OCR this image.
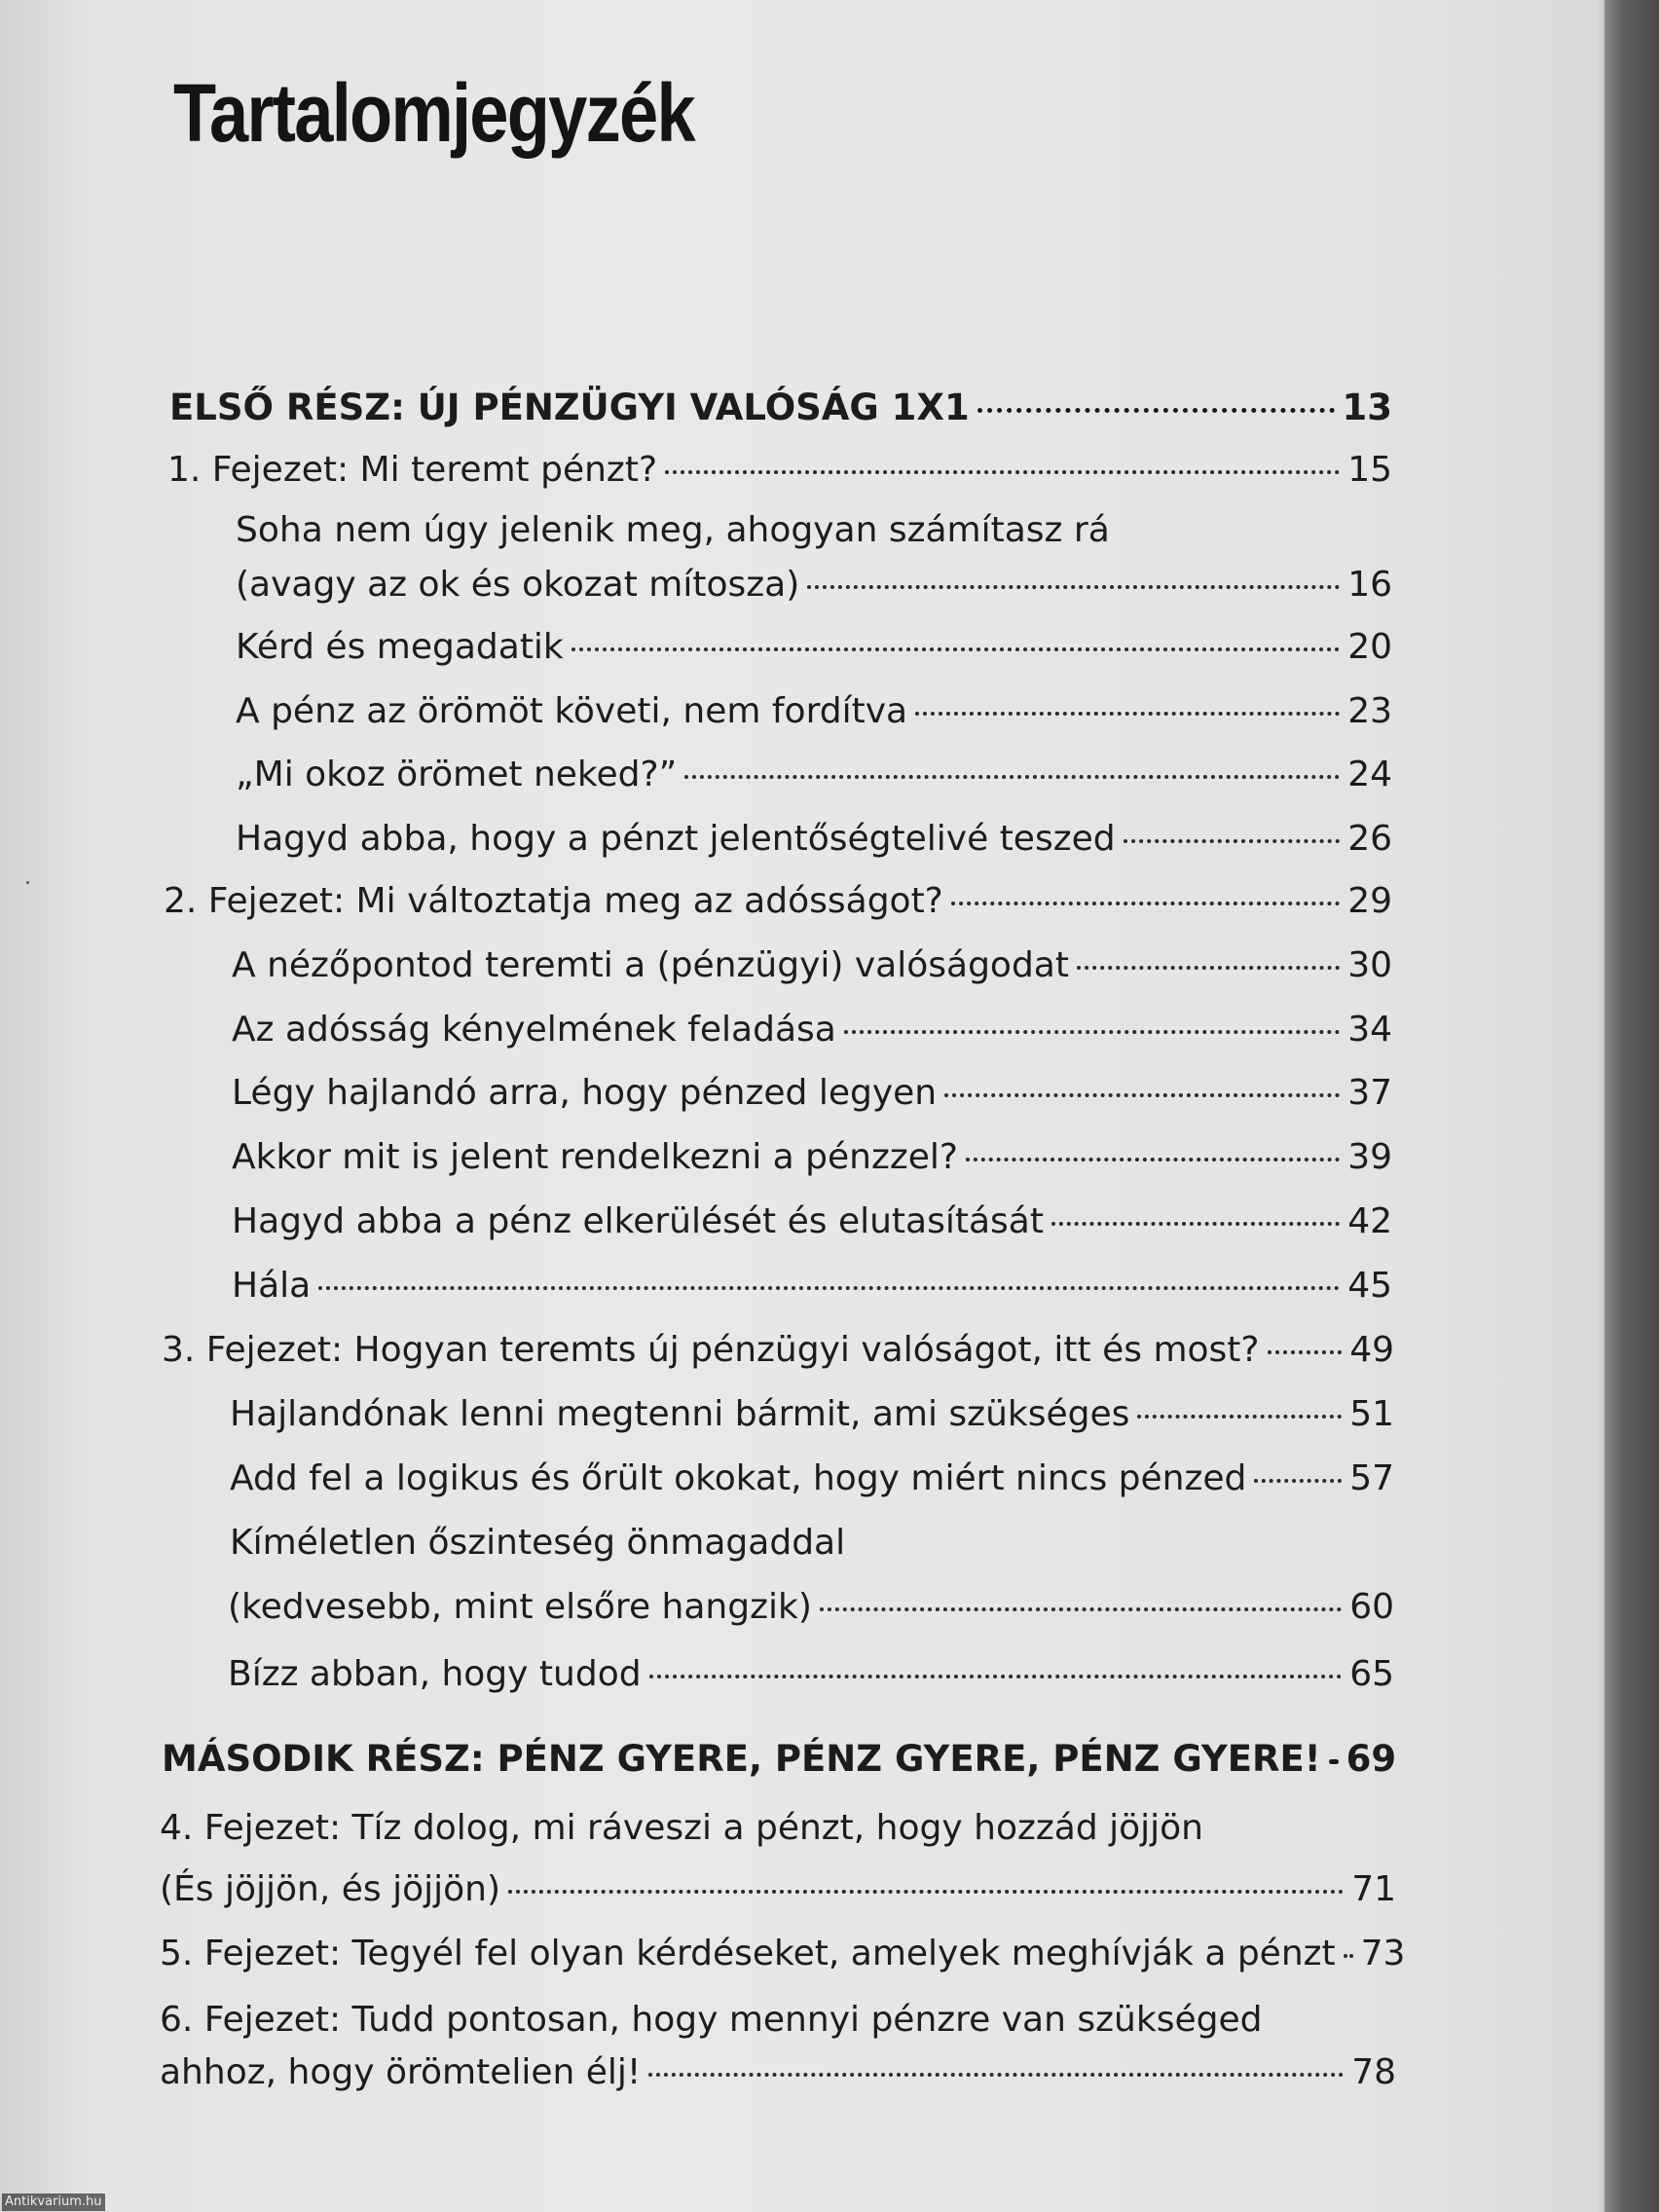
Tartalomjegyzék
ELSŐ RÉSZ: ÚJ PÉNZÜGYI VALÓSÁG 1X1	13
1. Fejezet: Mi teremt pénzt?	15
Soha nem úgy jelenik meg, ahogyan számítasz rá
(avagy az ok és okozat mítosza)	16
Kérd és megadatik	20
A pénz az örömöt követi, nem fordítva	23
„Mi okoz örömet neked?”	24
Hagyd abba, hogy a pénzt jelentőségtelivé teszed	26
2. Fejezet: Mi változtatja meg az adósságot?	29
A nézőpontod teremti a (pénzügyi) valóságodat	30
Az adósság kényelmének feladása	34
Légy hajlandó arra, hogy pénzed legyen	37
Akkor mit is jelent rendelkezni a pénzzel?	39
Hagyd abba a pénz elkerülését és elutasítását	42
Hála	45
3. Fejezet: Hogyan teremts új pénzügyi valóságot, itt és most?	49
Hajlandónak lenni megtenni bármit, ami szükséges	51
Add fel a logikus és őrült okokat, hogy miért nincs pénzed	57
Kíméletlen őszinteség önmagaddal
(kedvesebb, mint elsőre hangzik)	60
Bízz abban, hogy tudod	65
MÁSODIK RÉSZ: PÉNZ GYERE, PÉNZ GYERE, PÉNZ GYERE! 69
4. Fejezet: Tíz dolog, mi ráveszi a pénzt, hogy hozzád jöjjön
(És jöjjön, és jöjjön)	71
5. Fejezet: Tegyél fel olyan kérdéseket, amelyek meghívják a pénzt 73
6. Fejezet: Tudd pontosan, hogy mennyi pénzre van szükséged
ahhoz, hogy örömtelien élj!	78
Antikvarium.hu
